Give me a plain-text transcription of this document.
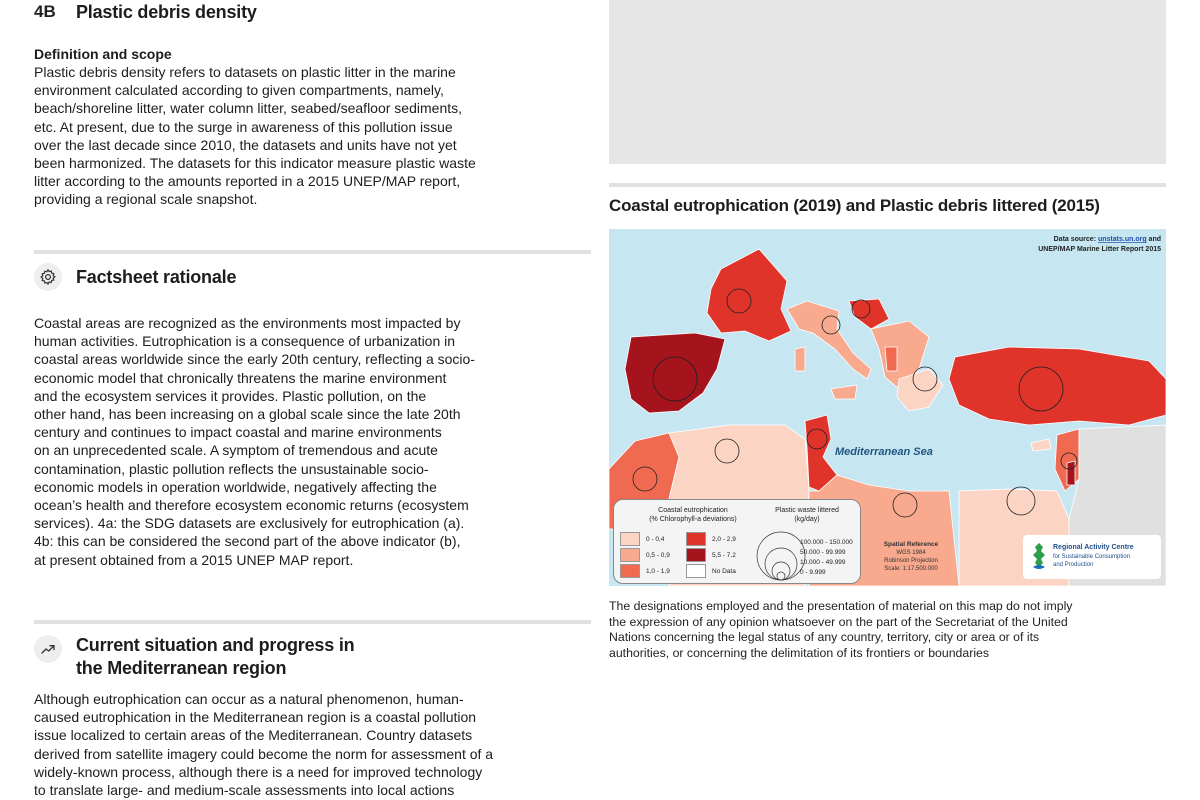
4B	Plastic debris density
Definition and scope

Plastic debris density refers to datasets on plastic litter in the marine

environment calculated according to given compartments, namely,

beach/shoreline litter, water column litter, seabed/seafloor sediments,

etc. At present, due to the surge in awareness of this pollution issue

over the last decade since 2010, the datasets and units have not yet

been harmonized. The datasets for this indicator measure plastic waste

litter according to the amounts reported in a 2015 UNEP/MAP report,

providing a regional scale snapshot.

Factsheet rationale

Coastal areas are recognized as the environments most impacted by

human activities. Eutrophication is a consequence of urbanization in

coastal areas worldwide since the early 20th century, reflecting a socio-

economic model that chronically threatens the marine environment

and the ecosystem services it provides. Plastic pollution, on the

other hand, has been increasing on a global scale since the late 20th

century and continues to impact coastal and marine environments

on an unprecedented scale. A symptom of tremendous and acute

contamination, plastic pollution reflects the unsustainable socio-

economic models in operation worldwide, negatively affecting the

ocean’s health and therefore ecosystem economic returns (ecosystem

services). 4a: the SDG datasets are exclusively for eutrophication (a).

4b: this can be considered the second part of the above indicator (b),

at present obtained from a 2015 UNEP MAP report.

Current situation and progress in
the Mediterranean region

Although eutrophication can occur as a natural phenomenon, human-

caused eutrophication in the Mediterranean region is a coastal pollution

issue localized to certain areas of the Mediterranean. Country datasets

derived from satellite imagery could become the norm for assessment of a

widely-known process, although there is a need for improved technology

to translate large- and medium-scale assessments into local actions

Coastal eutrophication (2019) and Plastic debris littered (2015)
Mediterranean Sea
Data source: unstats.un.org and
UNEP/MAP Marine Litter Report 2015
Coastal eutrophication
(% Chlorophyll-a deviations)
Plastic waste littered
(kg/day)
0 - 0,4
0,5 - 0,9
1,0 - 1,9
2,0 - 2,9
5,5 - 7,2
No Data
100.000 - 150.000
50.000 - 99.999
10.000 - 49.999
0 - 9.999
Spatial Reference
WGS 1984
Robinson Projection
Scale: 1:17.500.000
Regional Activity Centre
for Sustainable Consumption
and Production
The designations employed and the presentation of material on this map do not imply
the expression of any opinion whatsoever on the part of the Secretariat of the United
Nations concerning the legal status of any country, territory, city or area or of its
authorities, or concerning the delimitation of its frontiers or boundaries
